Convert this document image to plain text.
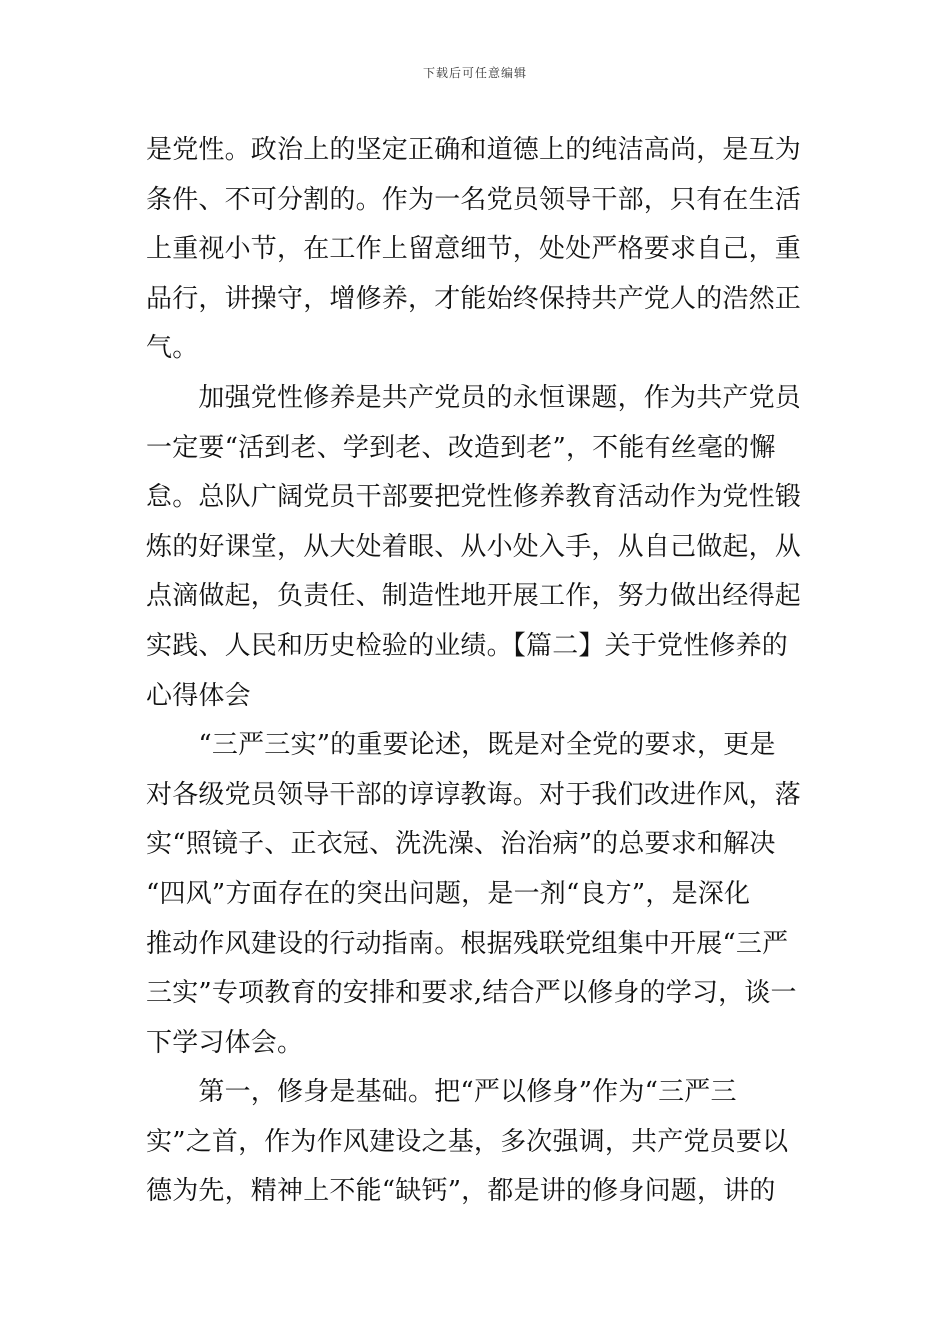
下载后可任意编辑
是党性。政治上的坚定正确和道德上的纯洁高尚，是互为
条件、不可分割的。作为一名党员领导干部，只有在生活
上重视小节，在工作上留意细节，处处严格要求自己，重
品行，讲操守，增修养，才能始终保持共产党人的浩然正
气。
　　加强党性修养是共产党员的永恒课题，作为共产党员
一定要“活到老、学到老、改造到老”，不能有丝毫的懈
怠。总队广阔党员干部要把党性修养教育活动作为党性锻
炼的好课堂，从大处着眼、从小处入手，从自己做起，从
点滴做起，负责任、制造性地开展工作，努力做出经得起
实践、人民和历史检验的业绩。【篇二】关于党性修养的
心得体会
　　“三严三实”的重要论述，既是对全党的要求，更是
对各级党员领导干部的谆谆教诲。对于我们改进作风，落
实“照镜子、正衣冠、洗洗澡、治治病”的总要求和解决
“四风”方面存在的突出问题，是一剂“良方”，是深化
推动作风建设的行动指南。根据残联党组集中开展“三严
三实”专项教育的安排和要求,结合严以修身的学习，谈一
下学习体会。
　　第一，修身是基础。把“严以修身”作为“三严三
实”之首，作为作风建设之基，多次强调，共产党员要以
德为先，精神上不能“缺钙”，都是讲的修身问题，讲的
